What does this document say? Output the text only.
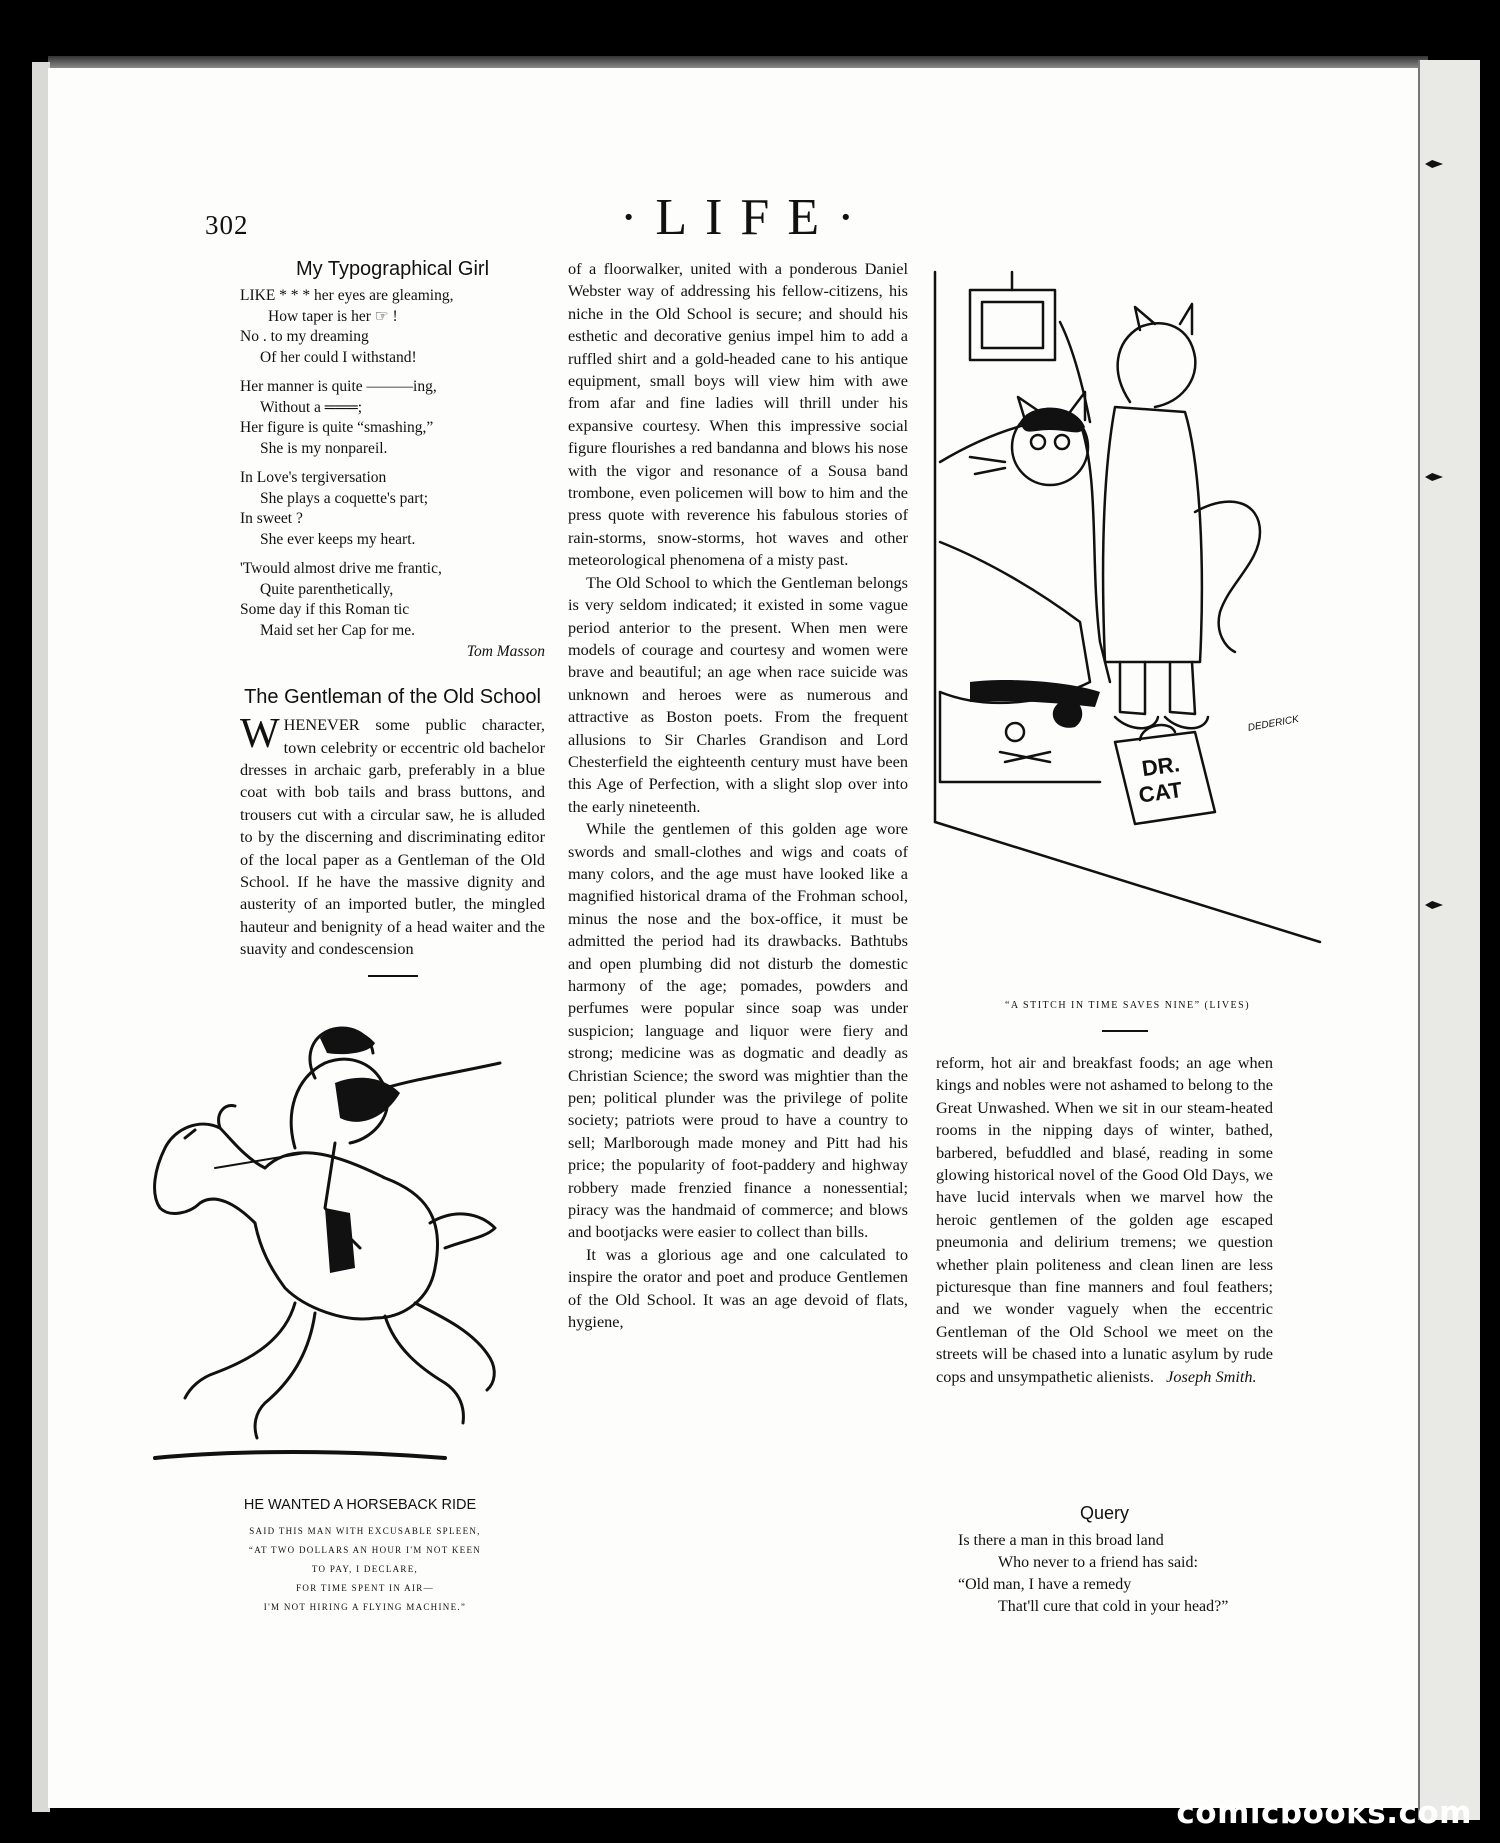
302	·LIFE·
My Typographical Girl
LIKE * * * her eyes are gleaming,
How taper is her ☞ !
No . to my dreaming
Of her could I withstand!
Her manner is quite ———ing,
Without a ═══;
Her figure is quite “smashing,”
She is my nonpareil.
In Love's tergiversation
She plays a coquette's part;
In sweet ?
She ever keeps my heart.
'Twould almost drive me frantic,
Quite parenthetically,
Some day if this Roman tic
Maid set her Cap for me.
Tom Masson
The Gentleman of the Old School

WHENEVER some public character, town celebrity or eccentric old bachelor dresses in archaic garb, preferably in a blue coat with bob tails and brass buttons, and trousers cut with a circular saw, he is alluded to by the discerning and discriminating editor of the local paper as a Gentleman of the Old School. If he have the massive dignity and austerity of an imported butler, the mingled hauteur and benignity of a head waiter and the suavity and condescension

HE WANTED A HORSEBACK RIDE
SAID THIS MAN WITH EXCUSABLE SPLEEN,
“AT TWO DOLLARS AN HOUR I'M NOT KEEN
TO PAY, I DECLARE,
FOR TIME SPENT IN AIR—
I'M NOT HIRING A FLYING MACHINE.”

of a floorwalker, united with a ponderous Daniel Webster way of addressing his fellow-citizens, his niche in the Old School is secure; and should his esthetic and decorative genius impel him to add a ruffled shirt and a gold-headed cane to his antique equipment, small boys will view him with awe from afar and fine ladies will thrill under his expansive courtesy. When this impressive social figure flourishes a red bandanna and blows his nose with the vigor and resonance of a Sousa band trombone, even policemen will bow to him and the press quote with reverence his fabulous stories of rain-storms, snow-storms, hot waves and other meteorological phenomena of a misty past.

The Old School to which the Gentleman belongs is very seldom indicated; it existed in some vague period anterior to the present. When men were models of courage and courtesy and women were brave and beautiful; an age when race suicide was unknown and heroes were as numerous and attractive as Boston poets. From the frequent allusions to Sir Charles Grandison and Lord Chesterfield the eighteenth century must have been this Age of Perfection, with a slight slop over into the early nineteenth.

While the gentlemen of this golden age wore swords and small-clothes and wigs and coats of many colors, and the age must have looked like a magnified historical drama of the Frohman school, minus the nose and the box-office, it must be admitted the period had its drawbacks. Bathtubs and open plumbing did not disturb the domestic harmony of the age; pomades, powders and perfumes were popular since soap was under suspicion; language and liquor were fiery and strong; medicine was as dogmatic and deadly as Christian Science; the sword was mightier than the pen; political plunder was the privilege of polite society; patriots were proud to have a country to sell; Marlborough made money and Pitt had his price; the popularity of foot-paddery and highway robbery made frenzied finance a nonessential; piracy was the handmaid of commerce; and blows and bootjacks were easier to collect than bills.

It was a glorious age and one calculated to inspire the orator and poet and produce Gentlemen of the Old School. It was an age devoid of flats, hygiene,

DR.
CAT
DEDERICK
“A STITCH IN TIME SAVES NINE” (LIVES)

reform, hot air and breakfast foods; an age when kings and nobles were not ashamed to belong to the Great Unwashed. When we sit in our steam-heated rooms in the nipping days of winter, bathed, barbered, befuddled and blasé, reading in some glowing historical novel of the Good Old Days, we have lucid intervals when we marvel how the heroic gentlemen of the golden age escaped pneumonia and delirium tremens; we question whether plain politeness and clean linen are less picturesque than fine manners and foul feathers; and we wonder vaguely when the eccentric Gentleman of the Old School we meet on the streets will be chased into a lunatic asylum by rude cops and unsympathetic alienists. Joseph Smith.

Query
Is there a man in this broad land
Who never to a friend has said:
“Old man, I have a remedy
That'll cure that cold in your head?”
comicbooks.com
